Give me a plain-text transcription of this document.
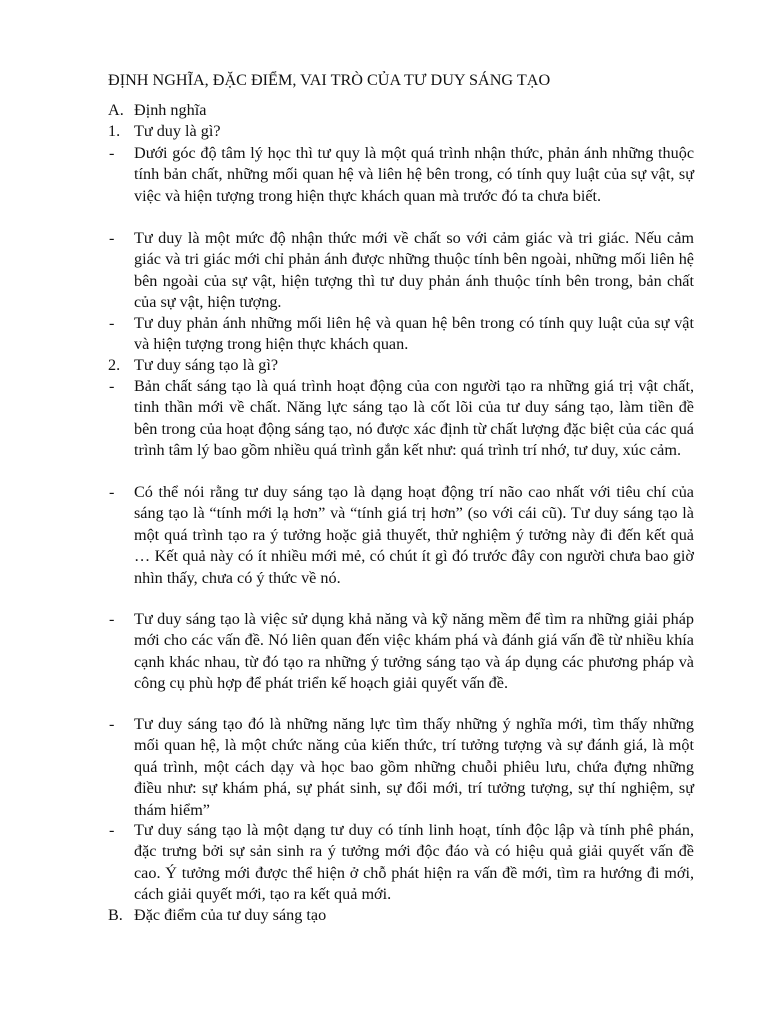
ĐỊNH NGHĨA, ĐẶC ĐIỂM, VAI TRÒ CỦA TƯ DUY SÁNG TẠO
A. Định nghĩa
1. Tư duy là gì?
-	Dưới góc độ tâm lý học thì tư quy là một quá trình nhận thức, phản ánh những thuộc tính bản chất, những mối quan hệ và liên hệ bên trong, có tính quy luật của sự vật, sự việc và hiện tượng trong hiện thực khách quan mà trước đó ta chưa biết.
-	Tư duy là một mức độ nhận thức mới về chất so với cảm giác và tri giác. Nếu cảm giác và tri giác mới chỉ phản ánh được những thuộc tính bên ngoài, những mối liên hệ bên ngoài của sự vật, hiện tượng thì tư duy phản ánh thuộc tính bên trong, bản chất của sự vật, hiện tượng.
-	Tư duy phản ánh những mối liên hệ và quan hệ bên trong có tính quy luật của sự vật và hiện tượng trong hiện thực khách quan.
2. Tư duy sáng tạo là gì?
-	Bản chất sáng tạo là quá trình hoạt động của con người tạo ra những giá trị vật chất, tinh thần mới về chất. Năng lực sáng tạo là cốt lõi của tư duy sáng tạo, làm tiền đề bên trong của hoạt động sáng tạo, nó được xác định từ chất lượng đặc biệt của các quá trình tâm lý bao gồm nhiều quá trình gắn kết như: quá trình trí nhớ, tư duy, xúc cảm.
-	Có thể nói rằng tư duy sáng tạo là dạng hoạt động trí não cao nhất với tiêu chí của sáng tạo là “tính mới lạ hơn” và “tính giá trị hơn” (so với cái cũ). Tư duy sáng tạo là một quá trình tạo ra ý tưởng hoặc giả thuyết, thử nghiệm ý tưởng này đi đến kết quả … Kết quả này có ít nhiều mới mẻ, có chút ít gì đó trước đây con người chưa bao giờ nhìn thấy, chưa có ý thức về nó.
-	Tư duy sáng tạo là việc sử dụng khả năng và kỹ năng mềm để tìm ra những giải pháp mới cho các vấn đề. Nó liên quan đến việc khám phá và đánh giá vấn đề từ nhiều khía cạnh khác nhau, từ đó tạo ra những ý tưởng sáng tạo và áp dụng các phương pháp và công cụ phù hợp để phát triển kế hoạch giải quyết vấn đề.
-	Tư duy sáng tạo đó là những năng lực tìm thấy những ý nghĩa mới, tìm thấy những mối quan hệ, là một chức năng của kiến thức, trí tưởng tượng và sự đánh giá, là một quá trình, một cách dạy và học bao gồm những chuỗi phiêu lưu, chứa đựng những điều như: sự khám phá, sự phát sinh, sự đổi mới, trí tưởng tượng, sự thí nghiệm, sự thám hiểm”
-	Tư duy sáng tạo là một dạng tư duy có tính linh hoạt, tính độc lập và tính phê phán, đặc trưng bởi sự sản sinh ra ý tưởng mới độc đáo và có hiệu quả giải quyết vấn đề cao. Ý tưởng mới được thể hiện ở chỗ phát hiện ra vấn đề mới, tìm ra hướng đi mới, cách giải quyết mới, tạo ra kết quả mới.
B. Đặc điểm của tư duy sáng tạo
